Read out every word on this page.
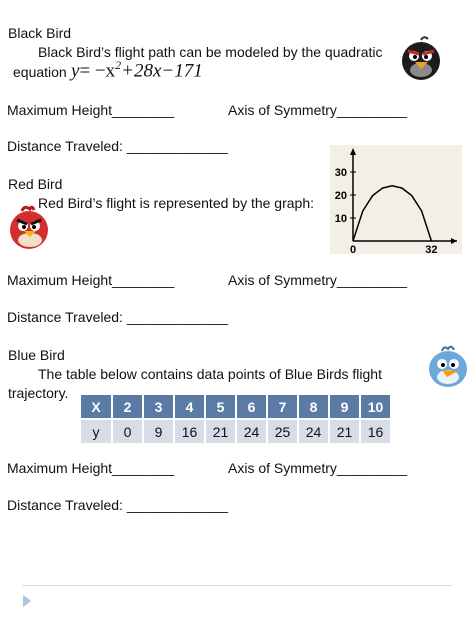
Black Bird
Black Bird’s flight path can be modeled by the quadratic
equation $y= -x^2+28x-171$
Maximum Height________	Axis of Symmetry_________
Distance Traveled: _____________
Red Bird
Red Bird’s flight is represented by the graph:
10
20
30
0	32
Maximum Height________	Axis of Symmetry_________
Distance Traveled: _____________
Blue Bird
The table below contains data points of Blue Birds flight
trajectory.
X	2	3	4	5	6	7	8	9	10
y	0	9	16	21	24	25	24	21	16
Maximum Height________	Axis of Symmetry_________
Distance Traveled: _____________
